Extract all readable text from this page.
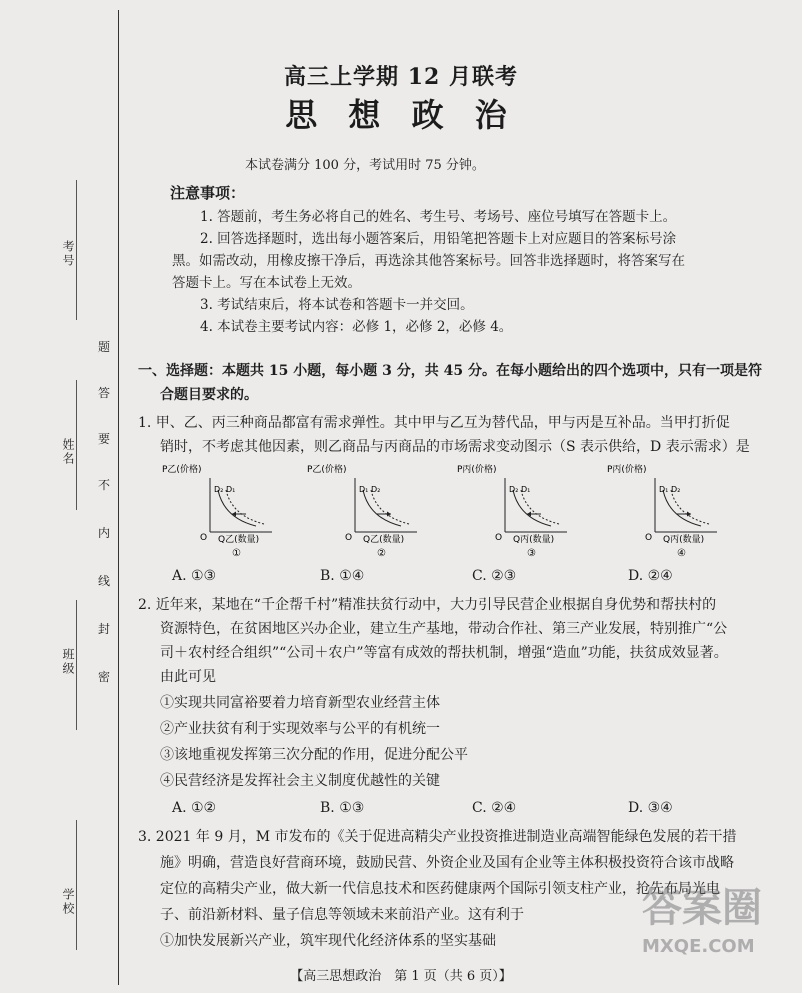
考号
姓名
班级
学校
题
答
要
不
内
线
封
密
高三上学期 12 月联考
思 想 政 治
本试卷满分 100 分，考试用时 75 分钟。
注意事项：
1. 答题前，考生务必将自己的姓名、考生号、考场号、座位号填写在答题卡上。
2. 回答选择题时，选出每小题答案后，用铅笔把答题卡上对应题目的答案标号涂
黑。如需改动，用橡皮擦干净后，再选涂其他答案标号。回答非选择题时，将答案写在
答题卡上。写在本试卷上无效。
3. 考试结束后，将本试卷和答题卡一并交回。
4. 本试卷主要考试内容：必修 1，必修 2，必修 4。
一、选择题：本题共 15 小题，每小题 3 分，共 45 分。在每小题给出的四个选项中，只有一项是符
合题目要求的。
1. 甲、乙、丙三种商品都富有需求弹性。其中甲与乙互为替代品，甲与丙是互补品。当甲打折促
销时，不考虑其他因素，则乙商品与丙商品的市场需求变动图示（S 表示供给，D 表示需求）是
P乙(价格)
D₂ D₁
O Q乙(数量)
①
P乙(价格)
D₁ D₂
O Q乙(数量)
②
P丙(价格)
D₂ D₁
O Q丙(数量)
③
P丙(价格)
D₁ D₂
O Q丙(数量)
④
A. ①③	B. ①④	C. ②③	D. ②④
2. 近年来，某地在“千企帮千村”精准扶贫行动中，大力引导民营企业根据自身优势和帮扶村的
资源特色，在贫困地区兴办企业，建立生产基地，带动合作社、第三产业发展，特别推广“公
司＋农村经合组织”“公司＋农户”等富有成效的帮扶机制，增强“造血”功能，扶贫成效显著。
由此可见
①实现共同富裕要着力培育新型农业经营主体
②产业扶贫有利于实现效率与公平的有机统一
③该地重视发挥第三次分配的作用，促进分配公平
④民营经济是发挥社会主义制度优越性的关键
A. ①②	B. ①③	C. ②④	D. ③④
3. 2021 年 9 月，M 市发布的《关于促进高精尖产业投资推进制造业高端智能绿色发展的若干措
施》明确，营造良好营商环境，鼓励民营、外资企业及国有企业等主体积极投资符合该市战略
定位的高精尖产业，做大新一代信息技术和医药健康两个国际引领支柱产业，抢先布局光电
子、前沿新材料、量子信息等领域未来前沿产业。这有利于
①加快发展新兴产业，筑牢现代化经济体系的坚实基础
【高三思想政治　第 1 页（共 6 页）】
答案圈
MXQE.COM
